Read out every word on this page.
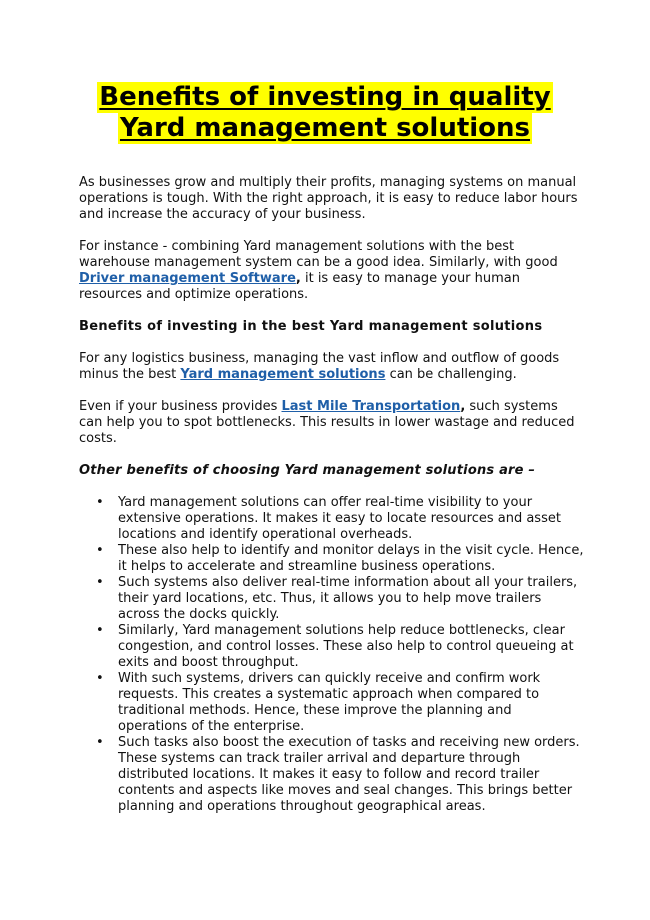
Benefits of investing in quality
Yard management solutions

As businesses grow and multiply their profits, managing systems on manual operations is tough. With the right approach, it is easy to reduce labor hours and increase the accuracy of your business.

For instance - combining Yard management solutions with the best warehouse management system can be a good idea. Similarly, with good Driver management Software, it is easy to manage your human resources and optimize operations.

Benefits of investing in the best Yard management solutions

For any logistics business, managing the vast inflow and outflow of goods minus the best Yard management solutions can be challenging.

Even if your business provides Last Mile Transportation, such systems can help you to spot bottlenecks. This results in lower wastage and reduced costs.

Other benefits of choosing Yard management solutions are –
• Yard management solutions can offer real-time visibility to your extensive operations. It makes it easy to locate resources and asset locations and identify operational overheads.
• These also help to identify and monitor delays in the visit cycle. Hence, it helps to accelerate and streamline business operations.
• Such systems also deliver real-time information about all your trailers, their yard locations, etc. Thus, it allows you to help move trailers across the docks quickly.
• Similarly, Yard management solutions help reduce bottlenecks, clear congestion, and control losses. These also help to control queueing at exits and boost throughput.
• With such systems, drivers can quickly receive and confirm work requests. This creates a systematic approach when compared to traditional methods. Hence, these improve the planning and operations of the enterprise.
• Such tasks also boost the execution of tasks and receiving new orders. These systems can track trailer arrival and departure through distributed locations. It makes it easy to follow and record trailer contents and aspects like moves and seal changes. This brings better planning and operations throughout geographical areas.
